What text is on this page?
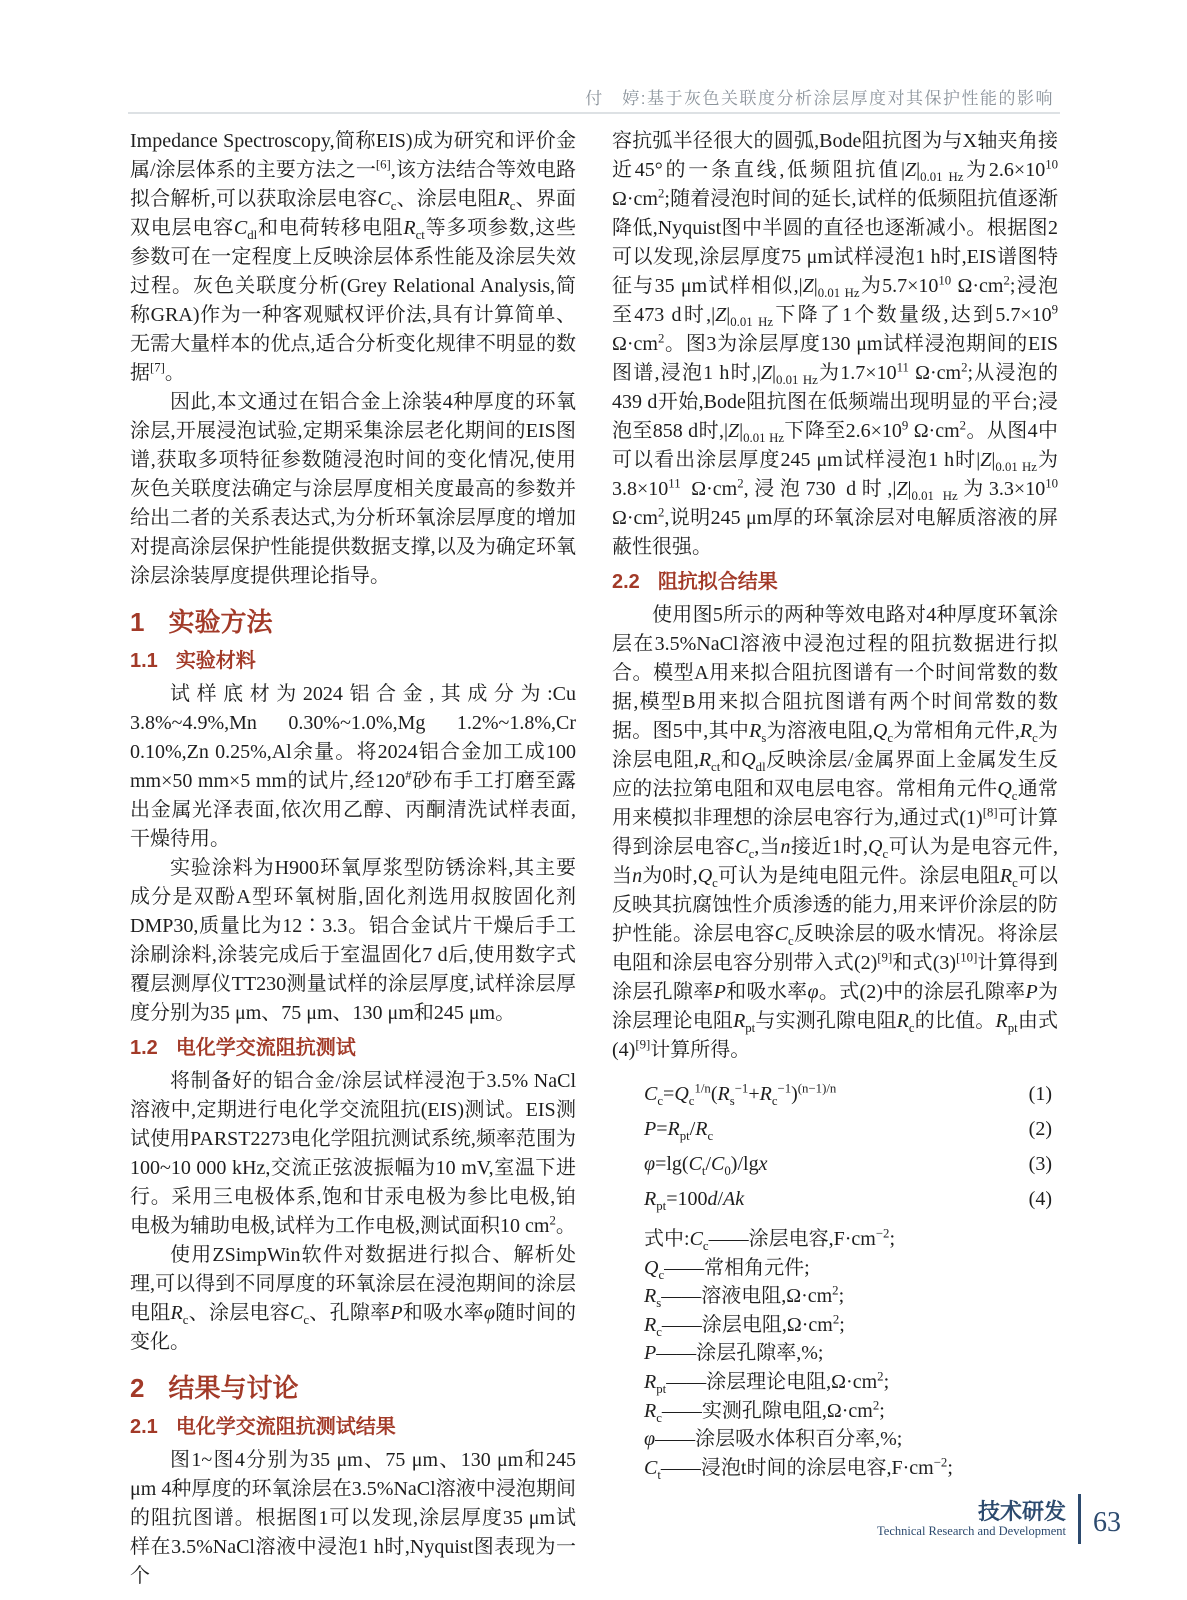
付　婷:基于灰色关联度分析涂层厚度对其保护性能的影响

Impedance Spectroscopy,简称EIS)成为研究和评价金属/涂层体系的主要方法之一[6],该方法结合等效电路拟合解析,可以获取涂层电容$C_c$、涂层电阻$R_c$、界面双电层电容$C_{dl}$和电荷转移电阻$R_{ct}$等多项参数,这些参数可在一定程度上反映涂层体系性能及涂层失效过程。灰色关联度分析(Grey Relational Analysis,简称GRA)作为一种客观赋权评价法,具有计算简单、无需大量样本的优点,适合分析变化规律不明显的数据[7]。

因此,本文通过在铝合金上涂装4种厚度的环氧涂层,开展浸泡试验,定期采集涂层老化期间的EIS图谱,获取多项特征参数随浸泡时间的变化情况,使用灰色关联度法确定与涂层厚度相关度最高的参数并给出二者的关系表达式,为分析环氧涂层厚度的增加对提高涂层保护性能提供数据支撑,以及为确定环氧涂层涂装厚度提供理论指导。

1 实验方法
1.1 实验材料

试样底材为2024铝合金,其成分为:Cu 3.8%~4.9%,Mn 0.30%~1.0%,Mg 1.2%~1.8%,Cr 0.10%,Zn 0.25%,Al余量。将2024铝合金加工成100 mm×50 mm×5 mm的试片,经120#砂布手工打磨至露出金属光泽表面,依次用乙醇、丙酮清洗试样表面,干燥待用。

实验涂料为H900环氧厚浆型防锈涂料,其主要成分是双酚A型环氧树脂,固化剂选用叔胺固化剂DMP30,质量比为12∶3.3。铝合金试片干燥后手工涂刷涂料,涂装完成后于室温固化7 d后,使用数字式覆层测厚仪TT230测量试样的涂层厚度,试样涂层厚度分别为35 μm、75 μm、130 μm和245 μm。

1.2 电化学交流阻抗测试

将制备好的铝合金/涂层试样浸泡于3.5% NaCl溶液中,定期进行电化学交流阻抗(EIS)测试。EIS测试使用PARST2273电化学阻抗测试系统,频率范围为100~10 000 kHz,交流正弦波振幅为10 mV,室温下进行。采用三电极体系,饱和甘汞电极为参比电极,铂电极为辅助电极,试样为工作电极,测试面积10 $cm^2$。

使用ZSimpWin软件对数据进行拟合、解析处理,可以得到不同厚度的环氧涂层在浸泡期间的涂层电阻$R_c$、涂层电容$C_c$、孔隙率P和吸水率φ随时间的变化。

2 结果与讨论
2.1 电化学交流阻抗测试结果

图1~图4分别为35 μm、75 μm、130 μm和245 μm 4种厚度的环氧涂层在3.5%NaCl溶液中浸泡期间的阻抗图谱。根据图1可以发现,涂层厚度35 μm试样在3.5%NaCl溶液中浸泡1 h时,Nyquist图表现为一个

容抗弧半径很大的圆弧,Bode阻抗图为与X轴夹角接近45°的一条直线,低频阻抗值$|Z|_{0.01 Hz}$为$2.6\times 10^{10}$ $\Omega\cdot cm^2$;随着浸泡时间的延长,试样的低频阻抗值逐渐降低,Nyquist图中半圆的直径也逐渐减小。根据图2可以发现,涂层厚度75 μm试样浸泡1 h时,EIS谱图特征与35 μm试样相似$,|Z|_{0.01 Hz}$为$5.7\times 10^{10}$ $\Omega\cdot cm^2$;浸泡至473 d时$,|Z|_{0.01 Hz}$下降了1个数量级,达到$5.7\times 10^9$ $\Omega\cdot cm^2$。图3为涂层厚度130 μm试样浸泡期间的EIS图谱,浸泡1 h时$,|Z|_{0.01 Hz}$为$1.7\times 10^{11}$ $\Omega\cdot cm^2$;从浸泡的439 d开始,Bode阻抗图在低频端出现明显的平台;浸泡至858 d时$,|Z|_{0.01 Hz}$下降至$2.6\times 10^9$ $\Omega\cdot cm^2$。从图4中可以看出涂层厚度245 μm试样浸泡1 h时$|Z|_{0.01 Hz}$为$3.8\times 10^{11}$ $\Omega\cdot cm^2$,浸泡730 d时$,|Z|_{0.01 Hz}$为$3.3\times 10^{10}$ $\Omega\cdot cm^2$,说明245 μm厚的环氧涂层对电解质溶液的屏蔽性很强。

2.2 阻抗拟合结果

使用图5所示的两种等效电路对4种厚度环氧涂层在3.5%NaCl溶液中浸泡过程的阻抗数据进行拟合。模型A用来拟合阻抗图谱有一个时间常数的数据,模型B用来拟合阻抗图谱有两个时间常数的数据。图5中,其中$R_s$为溶液电阻$,Q_c$为常相角元件$,R_c$为涂层电阻$,R_{ct}$和$Q_{dl}$反映涂层/金属界面上金属发生反应的法拉第电阻和双电层电容。常相角元件$Q_c$通常用来模拟非理想的涂层电容行为,通过式(1)[8]可计算得到涂层电容$C_c$,当n接近1时$,Q_c$可认为是电容元件,当n为0时$,Q_c$可认为是纯电阻元件。涂层电阻$R_c$可以反映其抗腐蚀性介质渗透的能力,用来评价涂层的防护性能。涂层电容$C_c$反映涂层的吸水情况。将涂层电阻和涂层电容分别带入式(2)[9]和式(3)[10]计算得到涂层孔隙率P和吸水率φ。式(2)中的涂层孔隙率P为涂层理论电阻$R_{pt}$与实测孔隙电阻$R_c$的比值。$R_{pt}$由式(4)[9]计算所得。

$C_c=Q_c^{1/n}(R_s^{-1}+R_c^{-1})^{(n-1)/n}$	(1)
$P=R_{pt}/R_c$	(2)
$\varphi=\lg(C_t/C_0)$/lgx	(3)
$R_{pt}=100d/Ak$	(4)
式中$:C_c——$涂层电容$,F\cdot cm^{-2}$;
$Q_c——$常相角元件;
$R_s——$溶液电阻$,\Omega\cdot cm^2$;
$R_c——$涂层电阻$,\Omega\cdot cm^2$;
P——涂层孔隙率,%;
$R_{pt}——$涂层理论电阻$,\Omega\cdot cm^2$;
$R_c——$实测孔隙电阻$,\Omega\cdot cm^2$;
φ——涂层吸水体积百分率,%;
$C_t——$浸泡t时间的涂层电容$,F\cdot cm^{-2}$;
技术研发
Technical Research and Development 63
